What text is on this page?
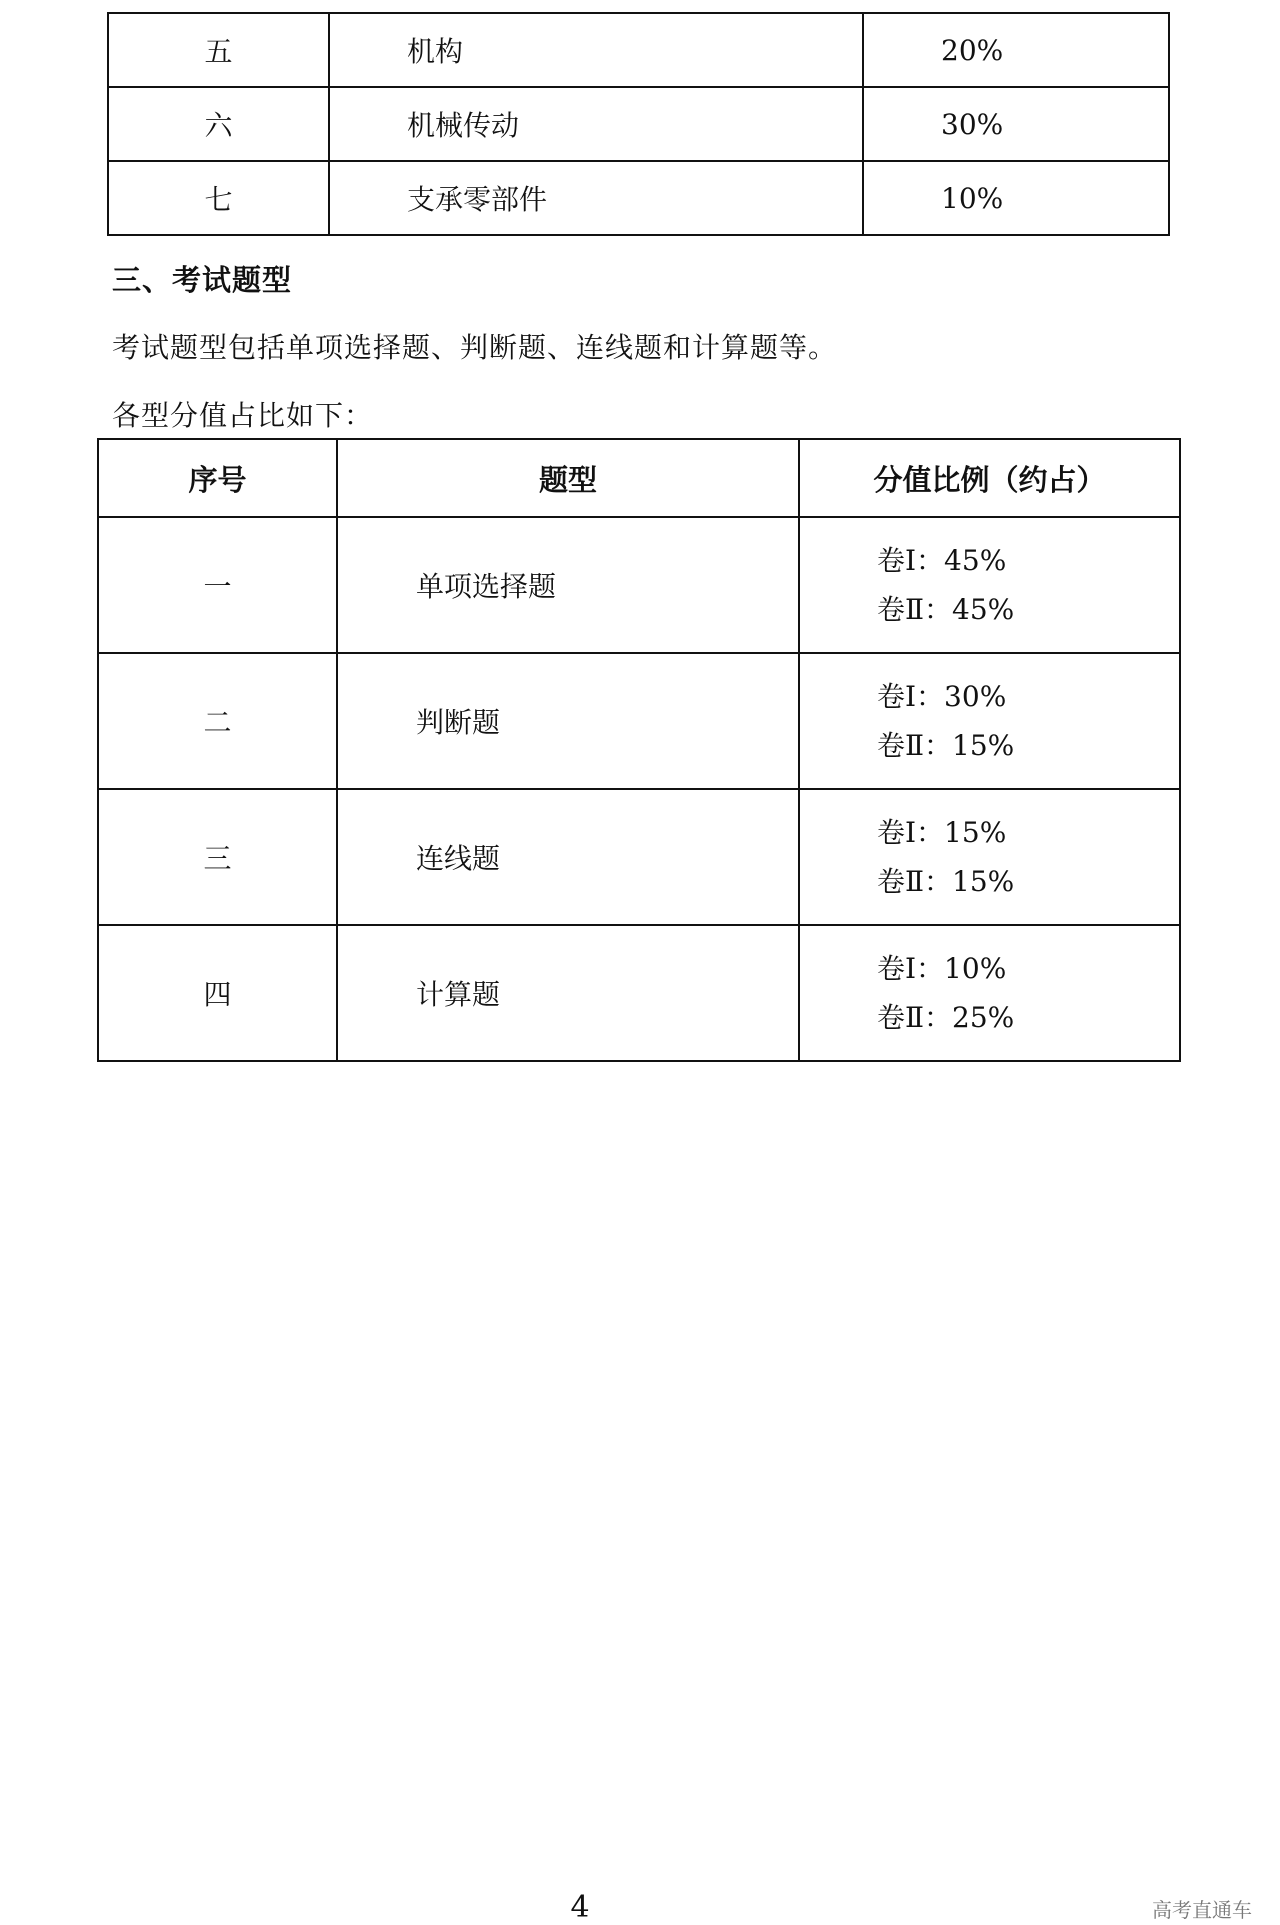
五	机构	20%
六	机械传动	30%
七	支承零部件	10%
三、考试题型
考试题型包括单项选择题、判断题、连线题和计算题等。
各型分值占比如下：
序号	题型	分值比例（约占）
一	单项选择题	卷Ⅰ：45%
卷Ⅱ：45%

二	判断题	卷Ⅰ：30%
卷Ⅱ：15%

三	连线题	卷Ⅰ：15%
卷Ⅱ：15%

四	计算题	卷Ⅰ：10%
卷Ⅱ：25%
4	高考直通车
